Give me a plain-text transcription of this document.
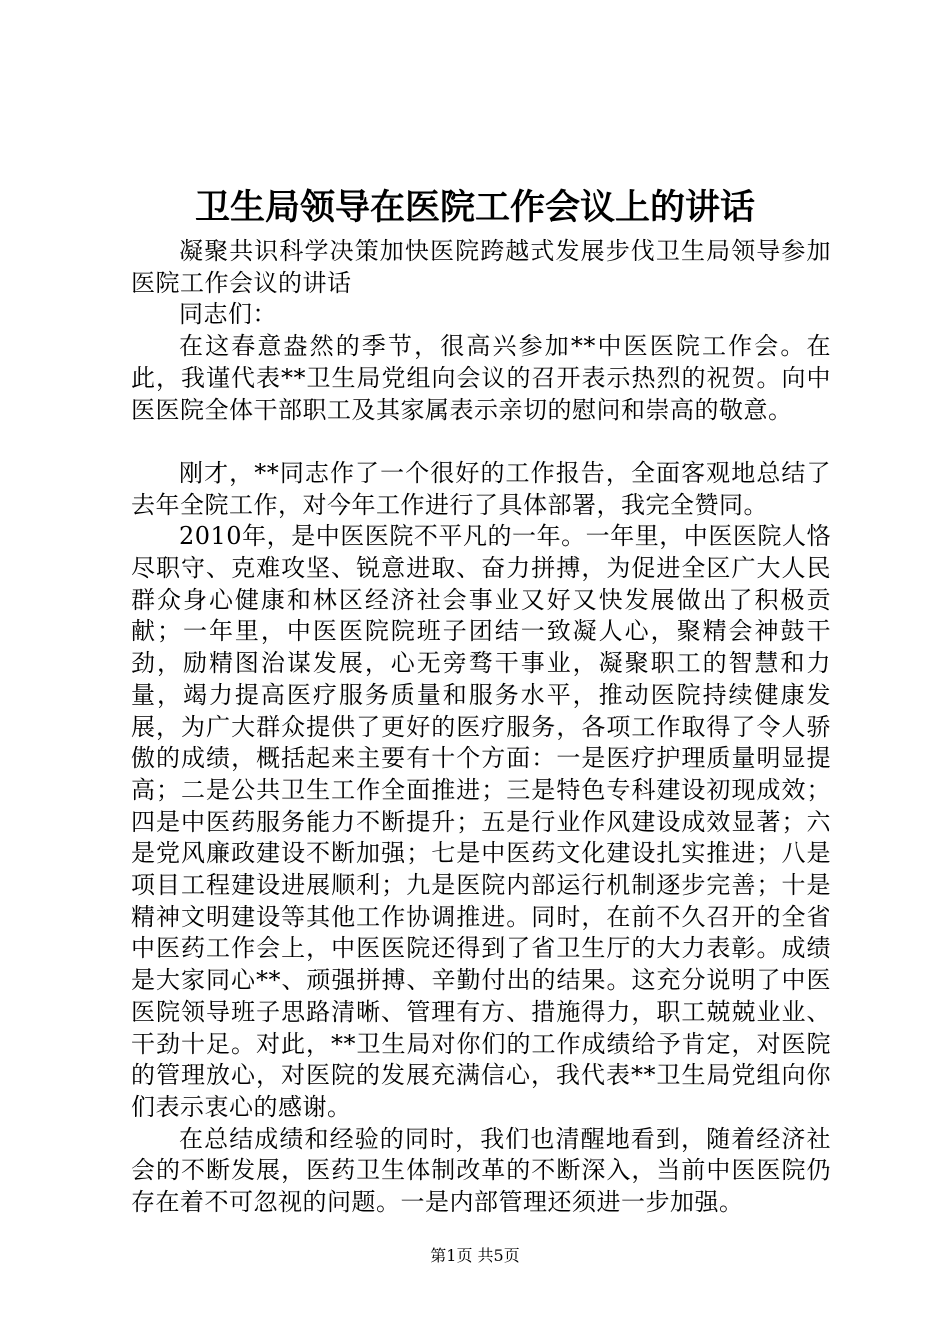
卫生局领导在医院工作会议上的讲话

凝聚共识科学决策加快医院跨越式发展步伐卫生局领导参加医院工作会议的讲话

同志们：

在这春意盎然的季节，很高兴参加**中医医院工作会。在此，我谨代表**卫生局党组向会议的召开表示热烈的祝贺。向中医医院全体干部职工及其家属表示亲切的慰问和崇高的敬意。

刚才，**同志作了一个很好的工作报告，全面客观地总结了去年全院工作，对今年工作进行了具体部署，我完全赞同。

2010年，是中医医院不平凡的一年。一年里，中医医院人恪尽职守、克难攻坚、锐意进取、奋力拼搏，为促进全区广大人民群众身心健康和林区经济社会事业又好又快发展做出了积极贡献；一年里，中医医院院班子团结一致凝人心，聚精会神鼓干劲，励精图治谋发展，心无旁骛干事业，凝聚职工的智慧和力量，竭力提高医疗服务质量和服务水平，推动医院持续健康发展，为广大群众提供了更好的医疗服务，各项工作取得了令人骄傲的成绩，概括起来主要有十个方面：一是医疗护理质量明显提高；二是公共卫生工作全面推进；三是特色专科建设初现成效；四是中医药服务能力不断提升；五是行业作风建设成效显著；六是党风廉政建设不断加强；七是中医药文化建设扎实推进；八是项目工程建设进展顺利；九是医院内部运行机制逐步完善；十是精神文明建设等其他工作协调推进。同时，在前不久召开的全省中医药工作会上，中医医院还得到了省卫生厅的大力表彰。成绩是大家同心**、顽强拼搏、辛勤付出的结果。这充分说明了中医医院领导班子思路清晰、管理有方、措施得力，职工兢兢业业、干劲十足。对此，**卫生局对你们的工作成绩给予肯定，对医院的管理放心，对医院的发展充满信心，我代表**卫生局党组向你们表示衷心的感谢。

在总结成绩和经验的同时，我们也清醒地看到，随着经济社会的不断发展，医药卫生体制改革的不断深入，当前中医医院仍存在着不可忽视的问题。一是内部管理还须进一步加强。

第1页 共5页
